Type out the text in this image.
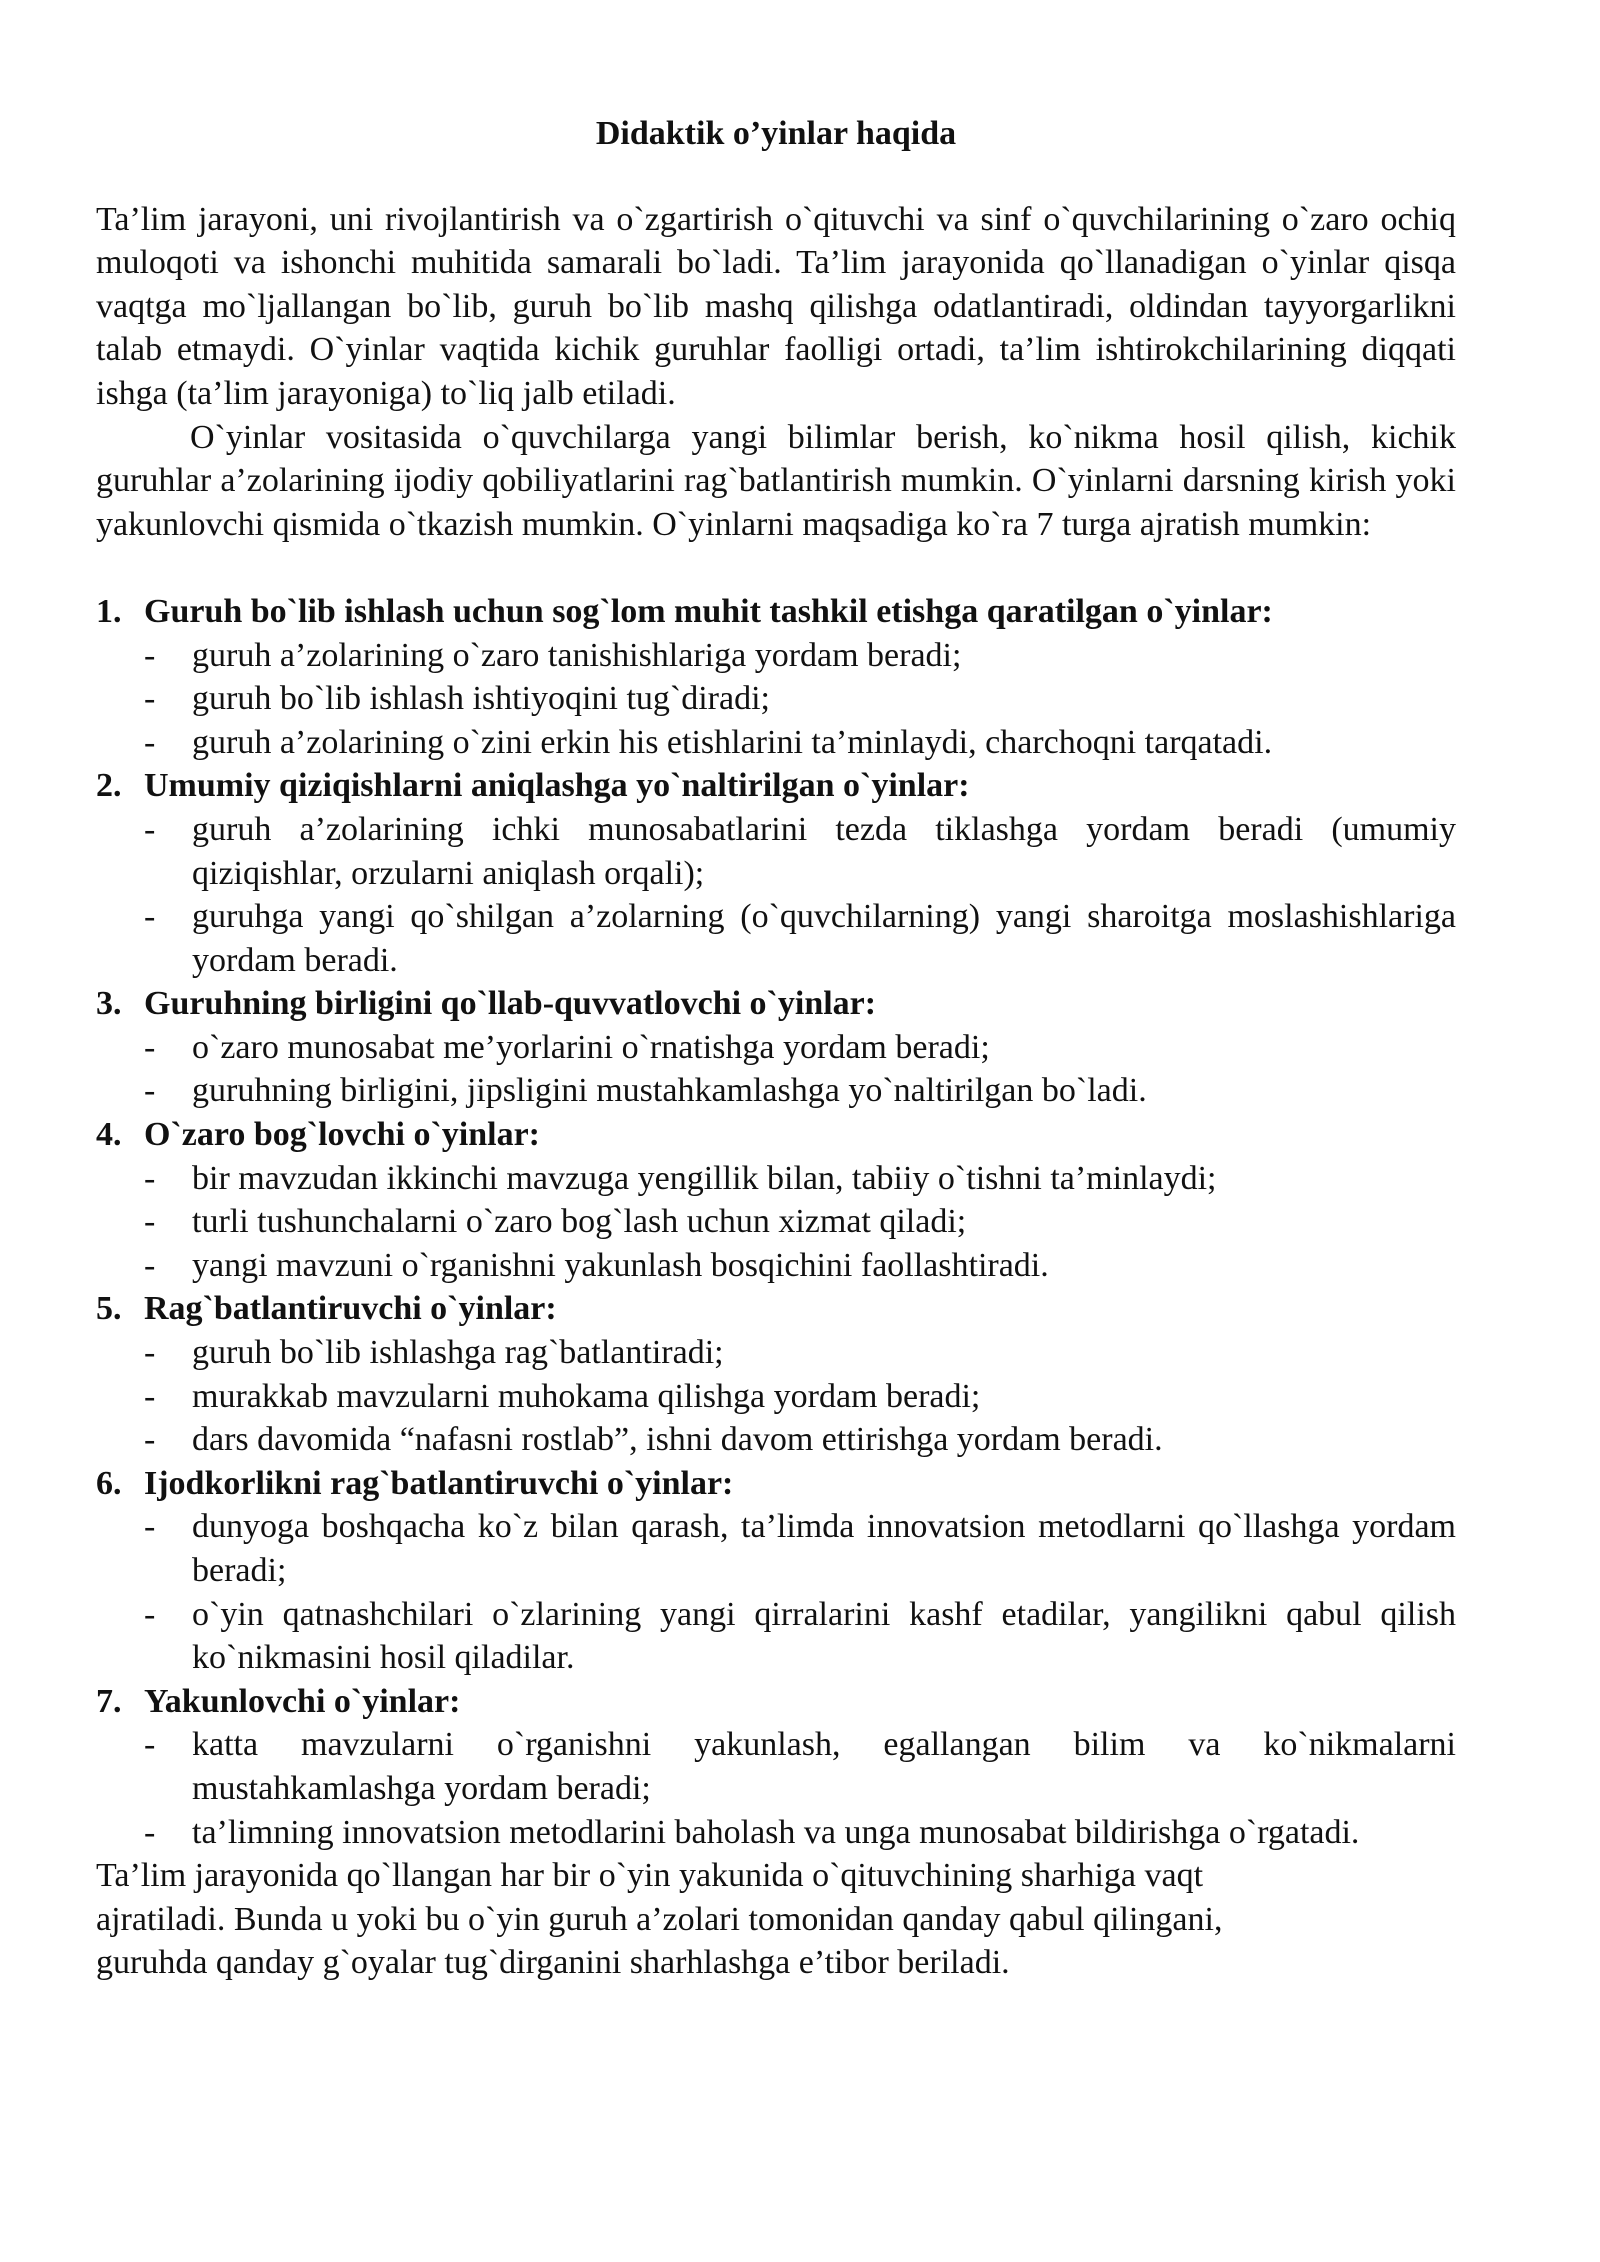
Didaktik o’yinlar haqida

Ta’lim jarayoni, uni rivojlantirish va o`zgartirish o`qituvchi va sinf o`quvchilarining o`zaro ochiq muloqoti va ishonchi muhitida samarali bo`ladi. Ta’lim jarayonida qo`llanadigan o`yinlar qisqa vaqtga mo`ljallangan bo`lib, guruh bo`lib mashq qilishga odatlantiradi, oldindan tayyorgarlikni talab etmaydi. O`yinlar vaqtida kichik guruhlar faolligi ortadi, ta’lim ishtirokchilarining diqqati ishga (ta’lim jarayoniga) to`liq jalb etiladi.

O`yinlar vositasida o`quvchilarga yangi bilimlar berish, ko`nikma hosil qilish, kichik guruhlar a’zolarining ijodiy qobiliyatlarini rag`batlantirish mumkin. O`yinlarni darsning kirish yoki yakunlovchi qismida o`tkazish mumkin. O`yinlarni maqsadiga ko`ra 7 turga ajratish mumkin:

1. Guruh bo`lib ishlash uchun sog`lom muhit tashkil etishga qaratilgan o`yinlar:
- guruh a’zolarining o`zaro tanishishlariga yordam beradi;
- guruh bo`lib ishlash ishtiyoqini tug`diradi;
- guruh a’zolarining o`zini erkin his etishlarini ta’minlaydi, charchoqni tarqatadi.
2. Umumiy qiziqishlarni aniqlashga yo`naltirilgan o`yinlar:
- guruh a’zolarining ichki munosabatlarini tezda tiklashga yordam beradi (umumiy qiziqishlar, orzularni aniqlash orqali);
- guruhga yangi qo`shilgan a’zolarning (o`quvchilarning) yangi sharoitga moslashishlariga yordam beradi.
3. Guruhning birligini qo`llab-quvvatlovchi o`yinlar:
- o`zaro munosabat me’yorlarini o`rnatishga yordam beradi;
- guruhning birligini, jipsligini mustahkamlashga yo`naltirilgan bo`ladi.
4. O`zaro bog`lovchi o`yinlar:
- bir mavzudan ikkinchi mavzuga yengillik bilan, tabiiy o`tishni ta’minlaydi;
- turli tushunchalarni o`zaro bog`lash uchun xizmat qiladi;
- yangi mavzuni o`rganishni yakunlash bosqichini faollashtiradi.
5. Rag`batlantiruvchi o`yinlar:
- guruh bo`lib ishlashga rag`batlantiradi;
- murakkab mavzularni muhokama qilishga yordam beradi;
- dars davomida “nafasni rostlab”, ishni davom ettirishga yordam beradi.
6. Ijodkorlikni rag`batlantiruvchi o`yinlar:
- dunyoga boshqacha ko`z bilan qarash, ta’limda innovatsion metodlarni qo`llashga yordam beradi;
- o`yin qatnashchilari o`zlarining yangi qirralarini kashf etadilar, yangilikni qabul qilish ko`nikmasini hosil qiladilar.
7. Yakunlovchi o`yinlar:
- katta mavzularni o`rganishni yakunlash, egallangan bilim va ko`nikmalarni mustahkamlashga yordam beradi;
- ta’limning innovatsion metodlarini baholash va unga munosabat bildirishga o`rgatadi.
Ta’lim jarayonida qo`llangan har bir o`yin yakunida o`qituvchining sharhiga vaqt
ajratiladi. Bunda u yoki bu o`yin guruh a’zolari tomonidan qanday qabul qilingani,
guruhda qanday g`oyalar tug`dirganini sharhlashga e’tibor beriladi.
